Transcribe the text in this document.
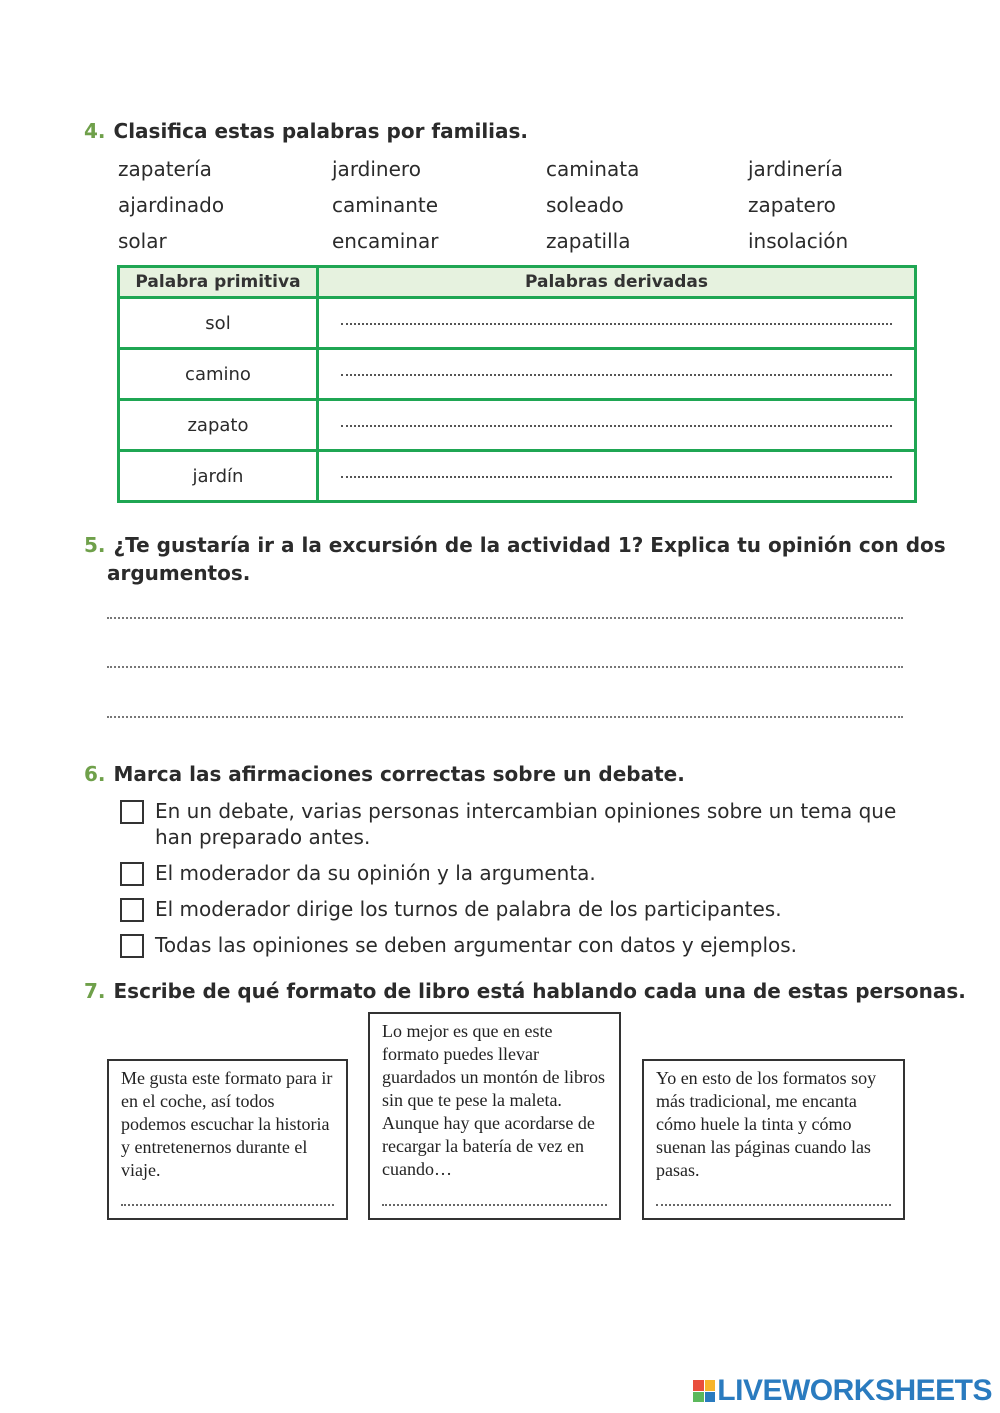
4. Clasifica estas palabras por familias.
zapatería	jardinero	caminata	jardinería
ajardinado	caminante	soleado	zapatero
solar	encaminar	zapatilla	insolación
Palabra primitiva	Palabras derivadas
sol	

camino	

zapato	

jardín	
5. ¿Te gustaría ir a la excursión de la actividad 1? Explica tu opinión con dos
argumentos.
6. Marca las afirmaciones correctas sobre un debate.
En un debate, varias personas intercambian opiniones sobre un tema que han preparado antes.
El moderador da su opinión y la argumenta.
El moderador dirige los turnos de palabra de los participantes.
Todas las opiniones se deben argumentar con datos y ejemplos.
7. Escribe de qué formato de libro está hablando cada una de estas personas.
Me gusta este formato para ir en el coche, así todos podemos escuchar la historia y entretenernos durante el viaje.
Lo mejor es que en este formato puedes llevar guardados un montón de libros sin que te pese la maleta. Aunque hay que acordarse de recargar la batería de vez en cuando…
Yo en esto de los formatos soy más tradicional, me encanta cómo huele la tinta y cómo suenan las páginas cuando las pasas.
LIVEWORKSHEETS
